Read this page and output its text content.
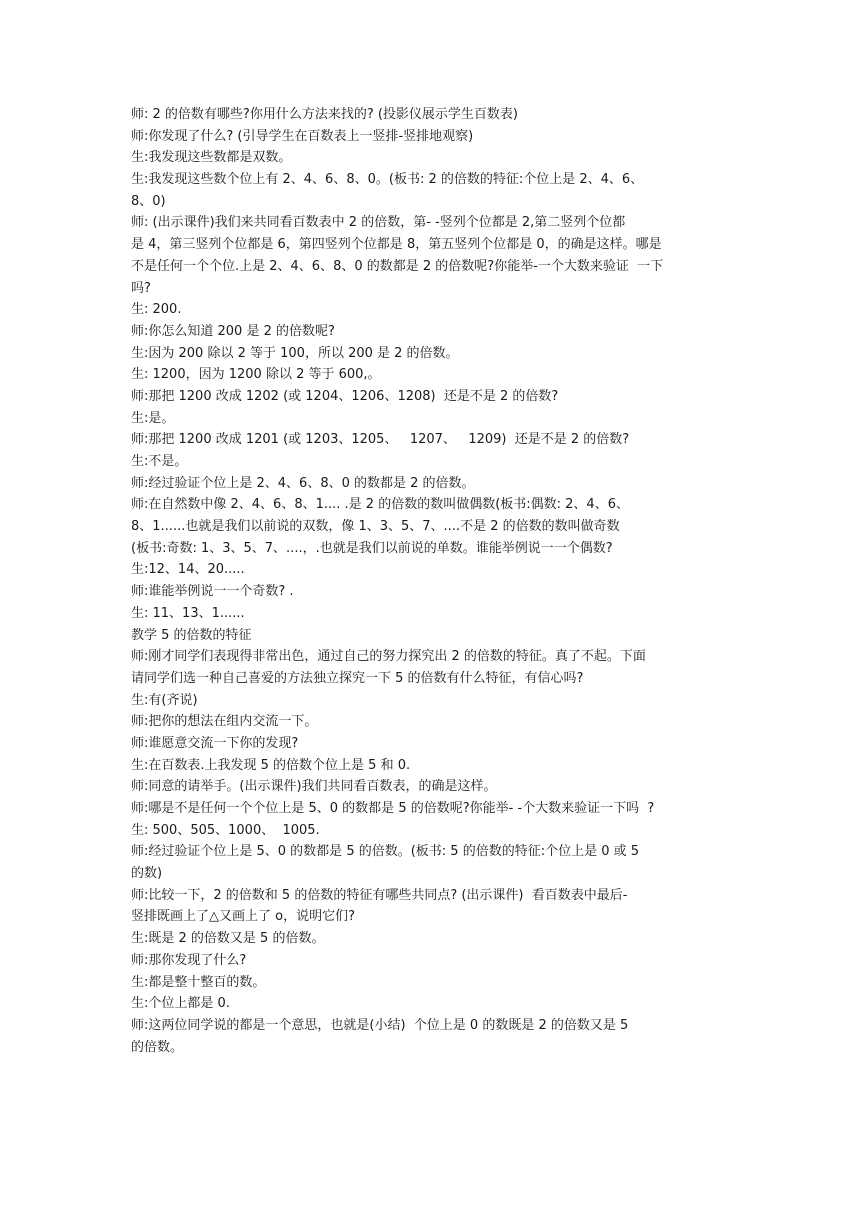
师: 2 的倍数有哪些?你用什么方法来找的? (投影仪展示学生百数表)
师:你发现了什么? (引导学生在百数表上一竖排-竖排地观察)
生:我发现这些数都是双数。
生:我发现这些数个位上有 2、4、6、8、0。(板书: 2 的倍数的特征:个位上是 2、4、6、
8、0)
师: (出示课件)我们来共同看百数表中 2 的倍数，第- -竖列个位都是 2,第二竖列个位都
是 4，第三竖列个位都是 6，第四竖列个位都是 8，第五竖列个位都是 0，的确是这样。哪是
不是任何一个个位.上是 2、4、6、8、0 的数都是 2 的倍数呢?你能举-一个大数来验证  一下
吗?
生: 200.
师:你怎么知道 200 是 2 的倍数呢?
生:因为 200 除以 2 等于 100，所以 200 是 2 的倍数。
生: 1200，因为 1200 除以 2 等于 600,。
师:那把 1200 改成 1202 (或 1204、1206、1208)  还是不是 2 的倍数?
生:是。
师:那把 1200 改成 1201 (或 1203、1205、   1207、   1209)  还是不是 2 的倍数?
生:不是。
师:经过验证个位上是 2、4、6、8、0 的数都是 2 的倍数。
师:在自然数中像 2、4、6、8、1.... .是 2 的倍数的数叫做偶数(板书:偶数: 2、4、6、
8、1......也就是我们以前说的双数，像 1、3、5、7、....不是 2 的倍数的数叫做奇数
(板书:奇数: 1、3、5、7、....，.也就是我们以前说的单数。谁能举例说一一个偶数?
生:12、14、20.....
师:谁能举例说一一个奇数? .
生: 11、13、1......
教学 5 的倍数的特征
师:刚才同学们表现得非常出色，通过自己的努力探究出 2 的倍数的特征。真了不起。下面
请同学们选一种自己喜爱的方法独立探究一下 5 的倍数有什么特征，有信心吗?
生:有(齐说)
师:把你的想法在组内交流一下。
师:谁愿意交流一下你的发现?
生:在百数表.上我发现 5 的倍数个位上是 5 和 0.
师:同意的请举手。(出示课件)我们共同看百数表，的确是这样。
师:哪是不是任何一个个位上是 5、0 的数都是 5 的倍数呢?你能举- -个大数来验证一下吗  ?
生: 500、505、1000、  1005.
师:经过验证个位上是 5、0 的数都是 5 的倍数。(板书: 5 的倍数的特征:个位上是 0 或 5
的数)
师:比较一下，2 的倍数和 5 的倍数的特征有哪些共同点? (出示课件)  看百数表中最后-
竖排既画上了△又画上了 o，说明它们?
生:既是 2 的倍数又是 5 的倍数。
师:那你发现了什么?
生:都是整十整百的数。
生:个位上都是 0.
师:这两位同学说的都是一个意思，也就是(小结)  个位上是 0 的数既是 2 的倍数又是 5
的倍数。
